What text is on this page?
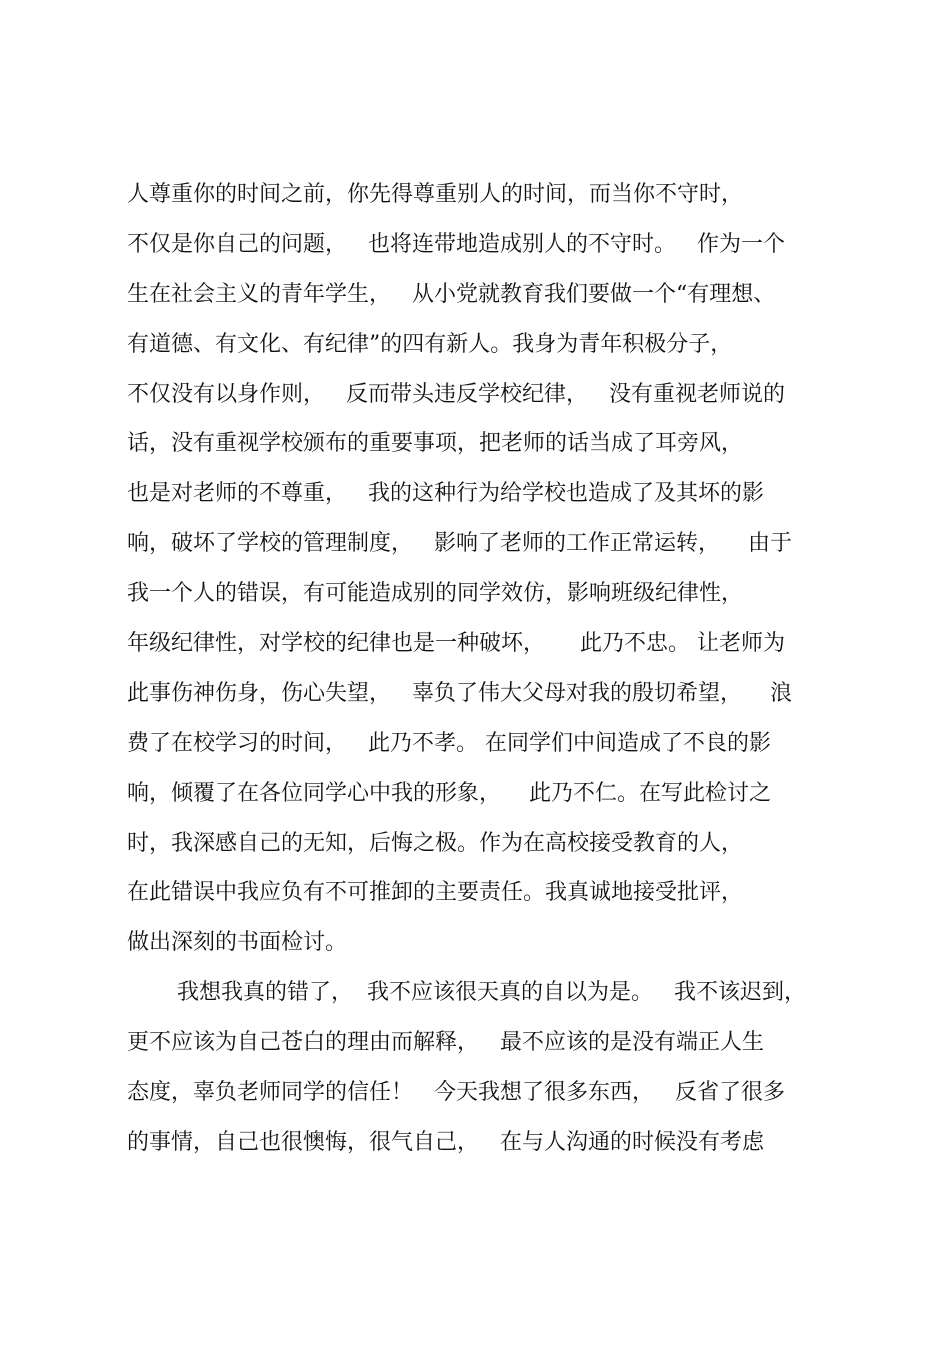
人尊重你的时间之前，你先得尊重别人的时间，而当你不守时，
不仅是你自己的问题，   也将连带地造成别人的不守时。   作为一个
生在社会主义的青年学生，   从小党就教育我们要做一个“有理想、
有道德、有文化、有纪律”的四有新人。我身为青年积极分子，
不仅没有以身作则，   反而带头违反学校纪律，   没有重视老师说的
话，没有重视学校颁布的重要事项，把老师的话当成了耳旁风，
也是对老师的不尊重，   我的这种行为给学校也造成了及其坏的影
响，破坏了学校的管理制度，   影响了老师的工作正常运转，    由于
我一个人的错误，有可能造成别的同学效仿，影响班级纪律性，
年级纪律性，对学校的纪律也是一种破坏，     此乃不忠。 让老师为
此事伤神伤身，伤心失望，   辜负了伟大父母对我的殷切希望，    浪
费了在校学习的时间，   此乃不孝。 在同学们中间造成了不良的影
响，倾覆了在各位同学心中我的形象，    此乃不仁。在写此检讨之
时，我深感自己的无知，后悔之极。作为在高校接受教育的人，
在此错误中我应负有不可推卸的主要责任。我真诚地接受批评，
做出深刻的书面检讨。
我想我真的错了，  我不应该很天真的自以为是。   我不该迟到，
更不应该为自己苍白的理由而解释，   最不应该的是没有端正人生
态度，辜负老师同学的信任！   今天我想了很多东西，   反省了很多
的事情，自己也很懊悔，很气自己，   在与人沟通的时候没有考虑
